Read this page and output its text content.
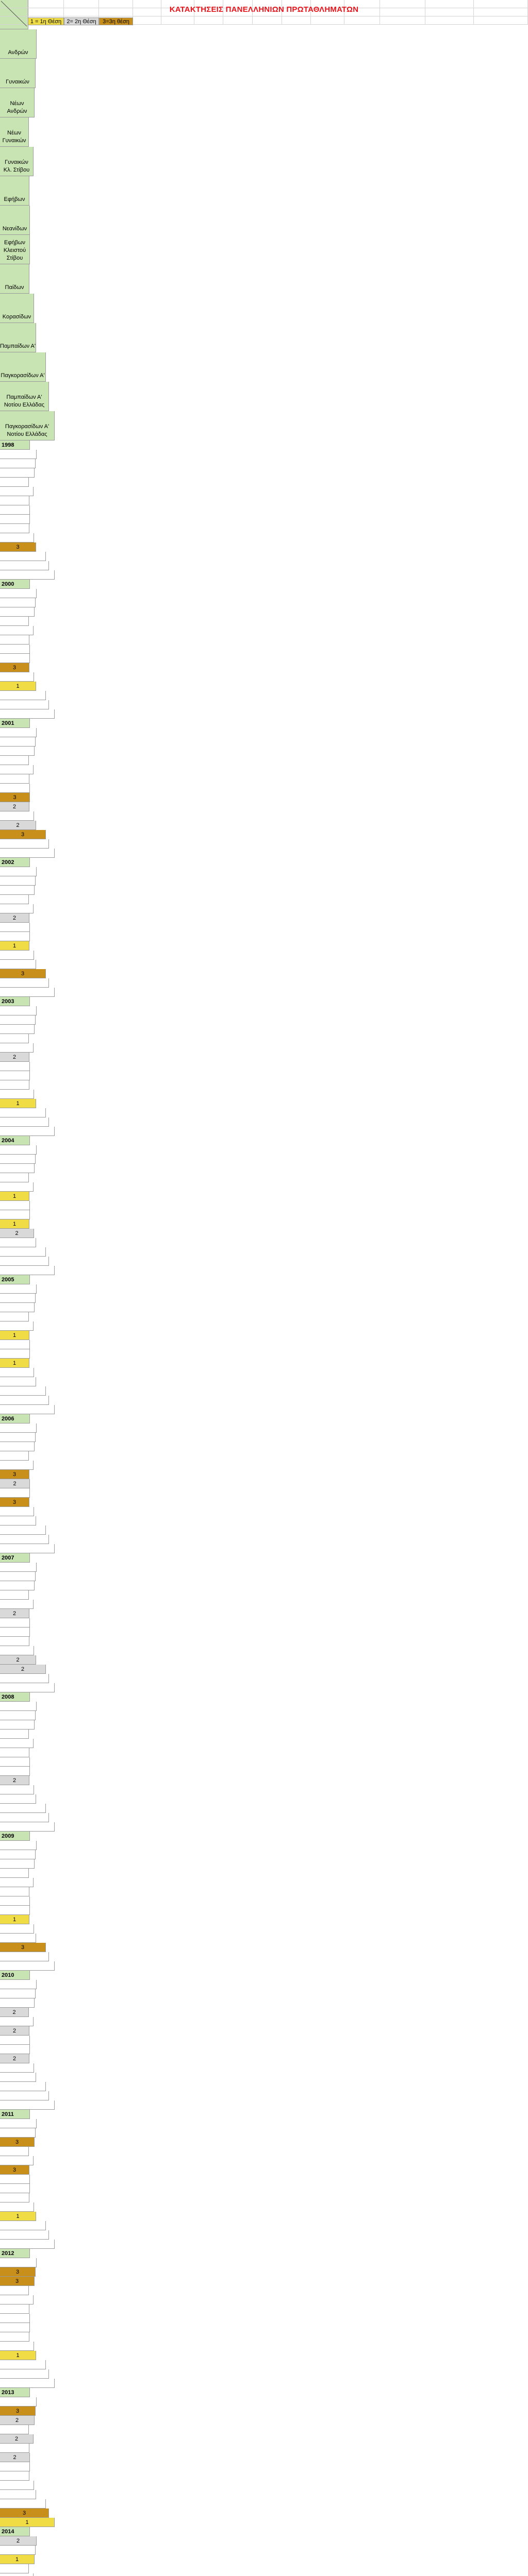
Ανδρών
Γυναικών
Νέων Ανδρών
Νέων Γυναικών
Γυναικών Κλ. Στίβου
Εφήβων
Νεανίδων
Εφήβων Κλειστού Στίβου
Παίδων
Κορασίδων
Παμπαίδων Α'
Παγκορασίδων Α'
Παμπαίδων Α' Νοτίου Ελλάδας
Παγκορασίδων Α' Νοτίου Ελλάδας
1998
3
2000
3
1
2001
3
2
2
3
2002
2
1
3
2003
2
1
2004
1
1
2
2005
1
1
2006
3
2
3
2007
2
2
2
2008
2
2009
1
3
2010
2
2
2
2011
3
3
1
2012
3
3
1
2013
3
2
2
2
3
1
2014
2
1
ΚΑΤΑΚΤΗΣΕΙΣ ΠΑΝΕΛΛΗΝΙΩΝ ΠΡΩΤΑΘΛΗΜΑΤΩΝ
1 = 1η Θέση 2= 2η Θέση	3=3η θέση
